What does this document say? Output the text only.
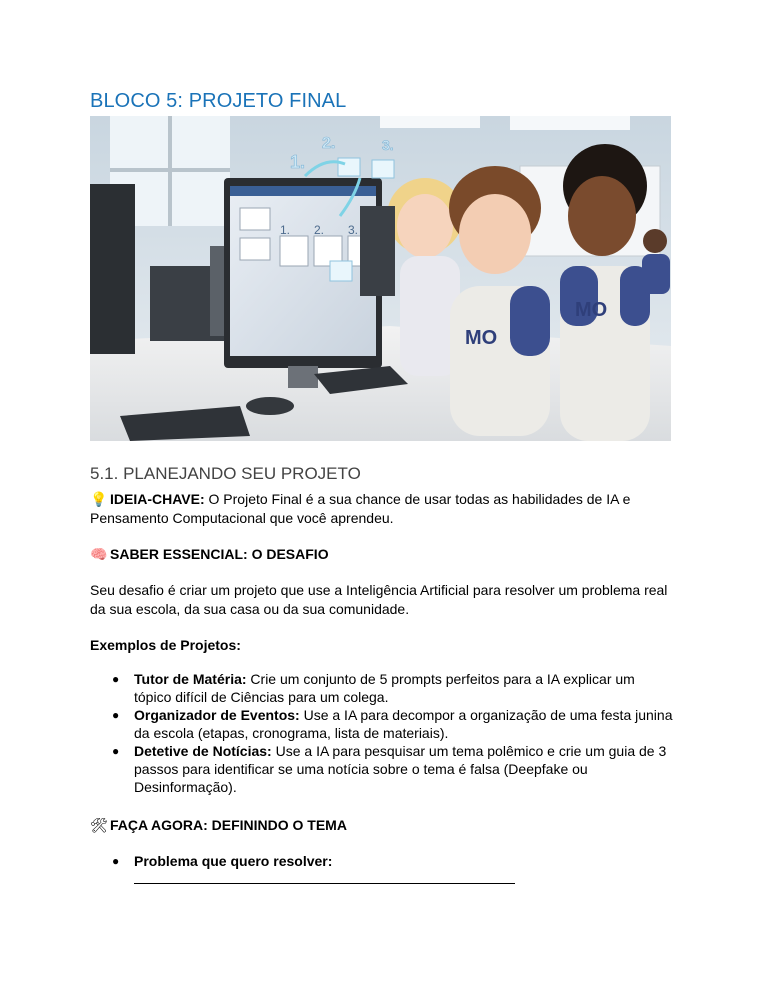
BLOCO 5: PROJETO FINAL
1. 2. 3.
1.
2.	3.
MO
MO
5.1. PLANEJANDO SEU PROJETO

💡 IDEIA-CHAVE: O Projeto Final é a sua chance de usar todas as habilidades de IA e Pensamento Computacional que você aprendeu.

🧠 SABER ESSENCIAL: O DESAFIO

Seu desafio é criar um projeto que use a Inteligência Artificial para resolver um problema real da sua escola, da sua casa ou da sua comunidade.

Exemplos de Projetos:

● Tutor de Matéria: Crie um conjunto de 5 prompts perfeitos para a IA explicar um tópico difícil de Ciências para um colega.
● Organizador de Eventos: Use a IA para decompor a organização de uma festa junina da escola (etapas, cronograma, lista de materiais).
● Detetive de Notícias: Use a IA para pesquisar um tema polêmico e crie um guia de 3 passos para identificar se uma notícia sobre o tema é falsa (Deepfake ou Desinformação).

🛠 FAÇA AGORA: DEFININDO O TEMA

● Problema que quero resolver:
